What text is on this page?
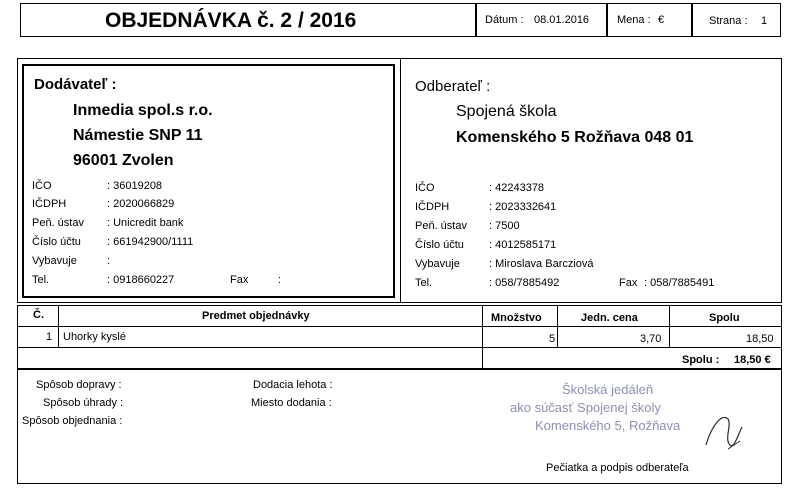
OBJEDNÁVKA č. 2 / 2016	Dátum : 08.01.2016	Mena : €	Strana : 1
Dodávateľ :
Inmedia spol.s r.o.
Námestie SNP 11
96001 Zvolen
IČO	: 36019208
IČDPH	: 2020066829
Peň. ústav : Unicredit bank
Číslo účtu : 661942900/1111
Vybavuje	:
Tel.	: 0918660227	Fax	:
Odberateľ :
Spojená škola
Komenského 5 Rožňava 048 01
IČO	: 42243378
IČDPH	: 2023332641
Peň. ústav : 7500
Číslo účtu : 4012585171
Vybavuje	: Miroslava Barcziová
Tel.	: 058/7885492	Fax : 058/7885491
Č.	Predmet objednávky	Množstvo	Jedn. cena	Spolu
1 Uhorky kyslé	5	3,70	18,50
Spolu : 18,50 €
Spôsob dopravy :
Spôsob úhrady :
Spôsob objednania :
Dodacia lehota :
Miesto dodania :
Školská jedáleň
ako súčasť Spojenej školy
Komenského 5, Rožňava
Pečiatka a podpis odberateľa
